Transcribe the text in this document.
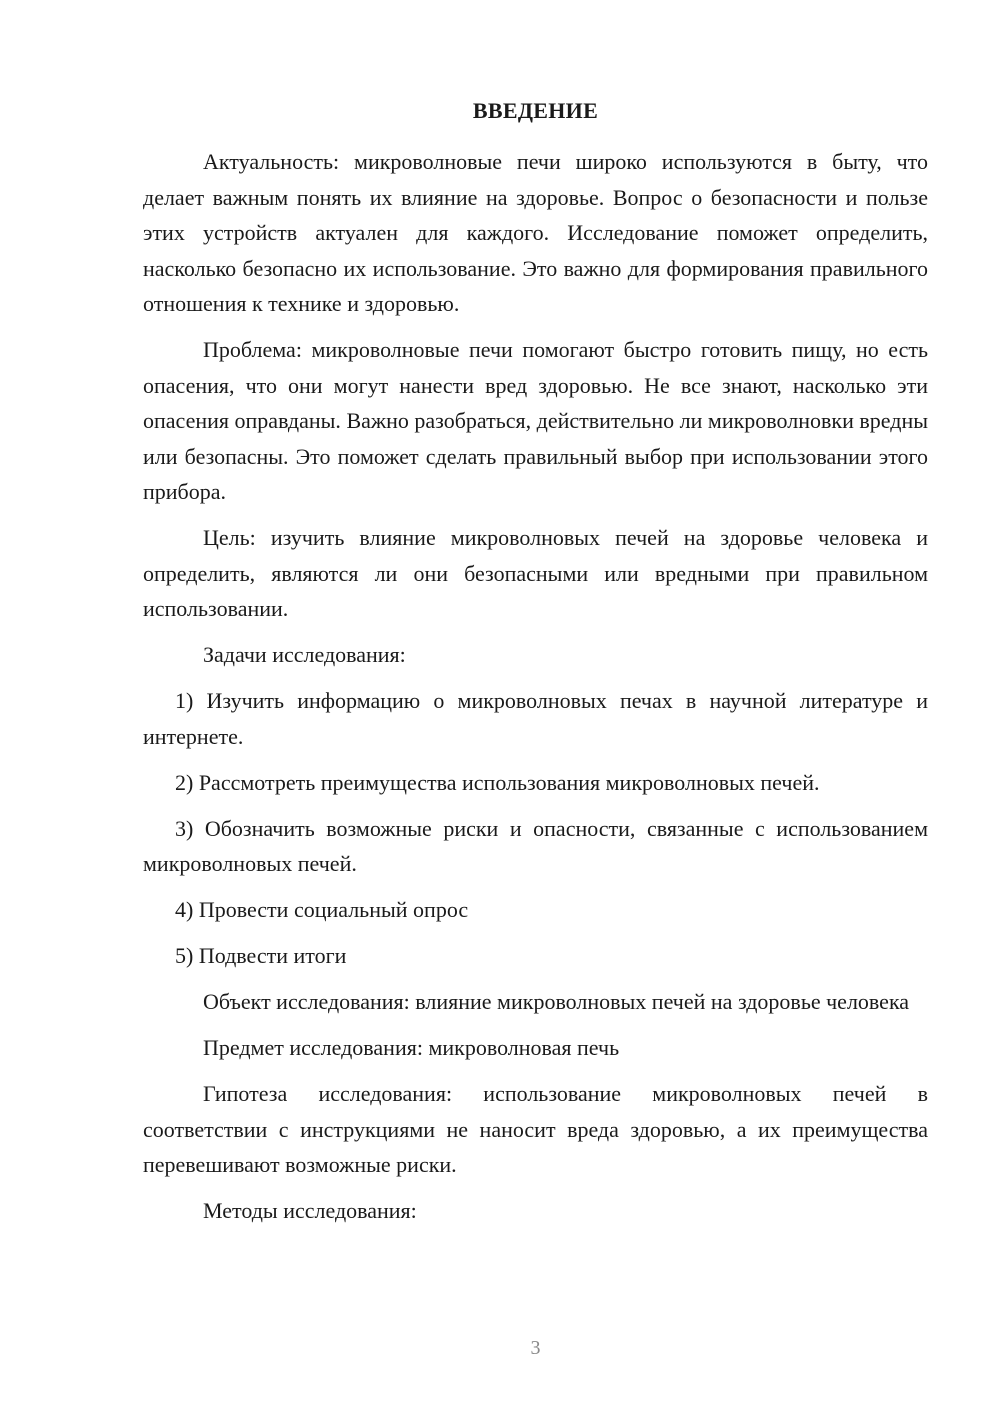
ВВЕДЕНИЕ

Актуальность: микроволновые печи широко используются в быту, что делает важным понять их влияние на здоровье. Вопрос о безопасности и пользе этих устройств актуален для каждого. Исследование поможет определить, насколько безопасно их использование. Это важно для формирования правильного отношения к технике и здоровью.

Проблема: микроволновые печи помогают быстро готовить пищу, но есть опасения, что они могут нанести вред здоровью. Не все знают, насколько эти опасения оправданы. Важно разобраться, действительно ли микроволновки вредны или безопасны. Это поможет сделать правильный выбор при использовании этого прибора.

Цель: изучить влияние микроволновых печей на здоровье человека и определить, являются ли они безопасными или вредными при правильном использовании.

Задачи исследования:

1) Изучить информацию о микроволновых печах в научной литературе и интернете.

2) Рассмотреть преимущества использования микроволновых печей.

3) Обозначить возможные риски и опасности, связанные с использованием микроволновых печей.

4) Провести социальный опрос

5) Подвести итоги

Объект исследования: влияние микроволновых печей на здоровье человека

Предмет исследования: микроволновая печь

Гипотеза исследования: использование микроволновых печей в соответствии с инструкциями не наносит вреда здоровью, а их преимущества перевешивают возможные риски.

Методы исследования:

3
